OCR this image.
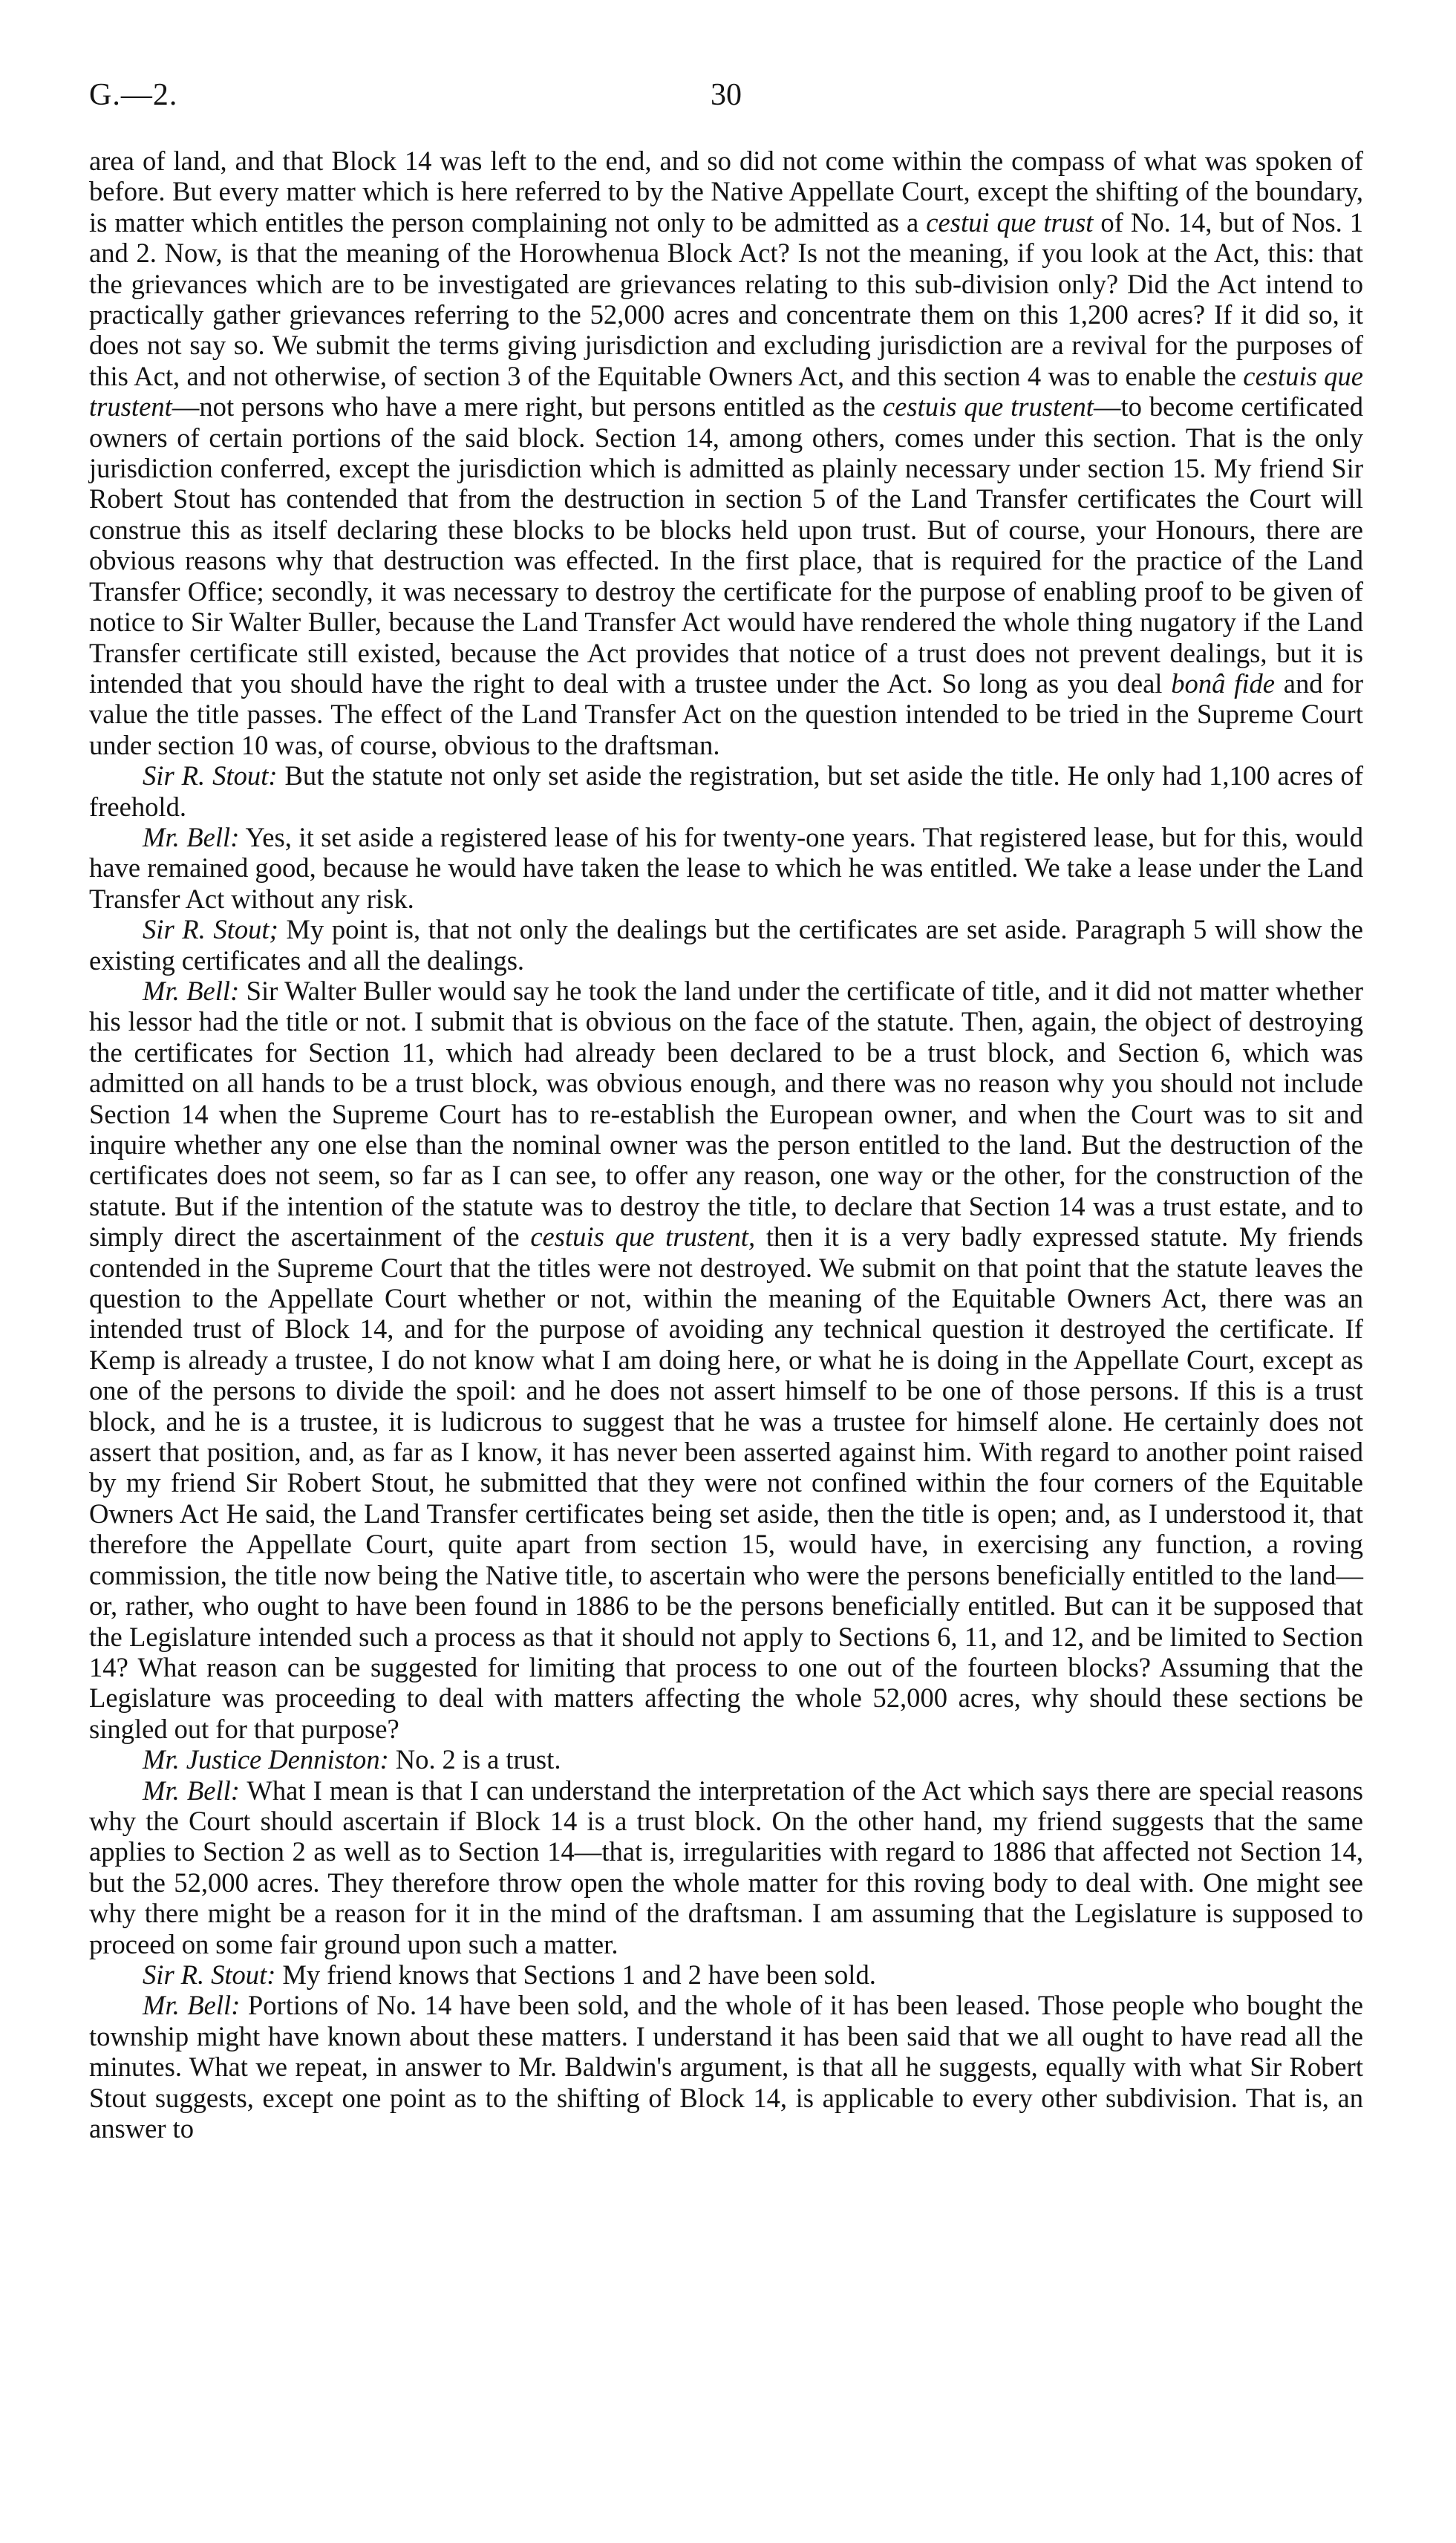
G.—2.	30

area of land, and that Block 14 was left to the end, and so did not come within the compass of what was spoken of before. But every matter which is here referred to by the Native Appellate Court, except the shifting of the boundary, is matter which entitles the person complaining not only to be admitted as a cestui que trust of No. 14, but of Nos. 1 and 2. Now, is that the meaning of the Horowhenua Block Act? Is not the meaning, if you look at the Act, this: that the grievances which are to be investigated are grievances relating to this sub-division only? Did the Act intend to practically gather grievances referring to the 52,000 acres and concentrate them on this 1,200 acres? If it did so, it does not say so. We submit the terms giving jurisdiction and excluding jurisdiction are a revival for the purposes of this Act, and not otherwise, of section 3 of the Equitable Owners Act, and this section 4 was to enable the cestuis que trustent—not persons who have a mere right, but persons entitled as the cestuis que trustent—to become certificated owners of certain portions of the said block. Section 14, among others, comes under this section. That is the only jurisdiction conferred, except the jurisdiction which is admitted as plainly necessary under section 15. My friend Sir Robert Stout has contended that from the destruction in section 5 of the Land Transfer certificates the Court will construe this as itself declaring these blocks to be blocks held upon trust. But of course, your Honours, there are obvious reasons why that destruction was effected. In the first place, that is required for the practice of the Land Transfer Office; secondly, it was necessary to destroy the certificate for the purpose of enabling proof to be given of notice to Sir Walter Buller, because the Land Transfer Act would have rendered the whole thing nugatory if the Land Transfer certificate still existed, because the Act provides that notice of a trust does not prevent dealings, but it is intended that you should have the right to deal with a trustee under the Act. So long as you deal bonâ fide and for value the title passes. The effect of the Land Transfer Act on the question intended to be tried in the Supreme Court under section 10 was, of course, obvious to the draftsman.

Sir R. Stout: But the statute not only set aside the registration, but set aside the title. He only had 1,100 acres of freehold.

Mr. Bell: Yes, it set aside a registered lease of his for twenty-one years. That registered lease, but for this, would have remained good, because he would have taken the lease to which he was entitled. We take a lease under the Land Transfer Act without any risk.

Sir R. Stout; My point is, that not only the dealings but the certificates are set aside. Paragraph 5 will show the existing certificates and all the dealings.

Mr. Bell: Sir Walter Buller would say he took the land under the certificate of title, and it did not matter whether his lessor had the title or not. I submit that is obvious on the face of the statute. Then, again, the object of destroying the certificates for Section 11, which had already been declared to be a trust block, and Section 6, which was admitted on all hands to be a trust block, was obvious enough, and there was no reason why you should not include Section 14 when the Supreme Court has to re-establish the European owner, and when the Court was to sit and inquire whether any one else than the nominal owner was the person entitled to the land. But the destruction of the certificates does not seem, so far as I can see, to offer any reason, one way or the other, for the construction of the statute. But if the intention of the statute was to destroy the title, to declare that Section 14 was a trust estate, and to simply direct the ascertainment of the cestuis que trustent, then it is a very badly expressed statute. My friends contended in the Supreme Court that the titles were not destroyed. We submit on that point that the statute leaves the question to the Appellate Court whether or not, within the meaning of the Equitable Owners Act, there was an intended trust of Block 14, and for the purpose of avoiding any technical question it destroyed the certificate. If Kemp is already a trustee, I do not know what I am doing here, or what he is doing in the Appellate Court, except as one of the persons to divide the spoil: and he does not assert himself to be one of those persons. If this is a trust block, and he is a trustee, it is ludicrous to suggest that he was a trustee for himself alone. He certainly does not assert that position, and, as far as I know, it has never been asserted against him. With regard to another point raised by my friend Sir Robert Stout, he submitted that they were not confined within the four corners of the Equitable Owners Act He said, the Land Transfer certificates being set aside, then the title is open; and, as I understood it, that therefore the Appellate Court, quite apart from section 15, would have, in exercising any function, a roving commission, the title now being the Native title, to ascertain who were the persons beneficially entitled to the land—or, rather, who ought to have been found in 1886 to be the persons beneficially entitled. But can it be supposed that the Legislature intended such a process as that it should not apply to Sections 6, 11, and 12, and be limited to Section 14? What reason can be suggested for limiting that process to one out of the fourteen blocks? Assuming that the Legislature was proceeding to deal with matters affecting the whole 52,000 acres, why should these sections be singled out for that purpose?

Mr. Justice Denniston: No. 2 is a trust.

Mr. Bell: What I mean is that I can understand the interpretation of the Act which says there are special reasons why the Court should ascertain if Block 14 is a trust block. On the other hand, my friend suggests that the same applies to Section 2 as well as to Section 14—that is, irregularities with regard to 1886 that affected not Section 14, but the 52,000 acres. They therefore throw open the whole matter for this roving body to deal with. One might see why there might be a reason for it in the mind of the draftsman. I am assuming that the Legislature is supposed to proceed on some fair ground upon such a matter.

Sir R. Stout: My friend knows that Sections 1 and 2 have been sold.

Mr. Bell: Portions of No. 14 have been sold, and the whole of it has been leased. Those people who bought the township might have known about these matters. I understand it has been said that we all ought to have read all the minutes. What we repeat, in answer to Mr. Baldwin's argument, is that all he suggests, equally with what Sir Robert Stout suggests, except one point as to the shifting of Block 14, is applicable to every other subdivision. That is, an answer to
